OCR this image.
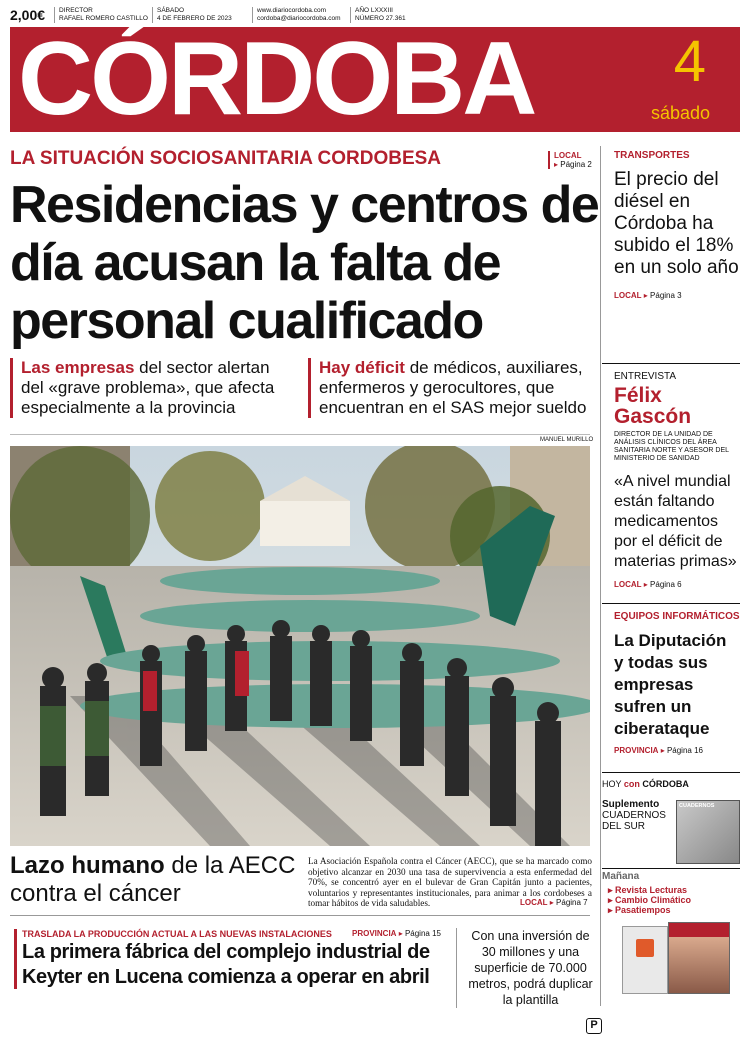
2,00€ DIRECTOR
RAFAEL ROMERO CASTILLO
SÁBADO
4 DE FEBRERO DE 2023
www.diariocordoba.com
cordoba@diariocordoba.com
AÑO LXXXIII
NÚMERO 27.361
CÓRDOBA 4
sábado
LA SITUACIÓN SOCIOSANITARIA CORDOBESA	LOCAL
▸ Página 2
Residencias y centros de día acusan la falta de personal cualificado
Las empresas del sector alertan del «grave problema», que afecta especialmente a la provincia
Hay déficit de médicos, auxiliares, enfermeros y gerocultores, que encuentran en el SAS mejor sueldo
MANUEL MURILLO
Lazo humano de la AECC contra el cáncer
La Asociación Española contra el Cáncer (AECC), que se ha marcado como objetivo alcanzar en 2030 una tasa de supervivencia a esta enfermedad del 70%, se concentró ayer en el bulevar de Gran Capitán junto a pacientes, voluntarios y representantes institucionales, para animar a los cordobeses a tomar hábitos de vida saludables.	LOCAL ▸ Página 7
TRASLADA LA PRODUCCIÓN ACTUAL A LAS NUEVAS INSTALACIONES	PROVINCIA ▸ Página 15
La primera fábrica del complejo industrial de Keyter en Lucena comienza a operar en abril
Con una inversión de 30 millones y una superficie de 70.000 metros, podrá duplicar la plantilla
P
TRANSPORTES
El precio del diésel en Córdoba ha subido el 18% en un solo año
LOCAL ▸ Página 3
ENTREVISTA
Félix Gascón
DIRECTOR DE LA UNIDAD DE ANÁLISIS CLÍNICOS DEL ÁREA SANITARIA NORTE Y ASESOR DEL MINISTERIO DE SANIDAD
«A nivel mundial están faltando medicamentos por el déficit de materias primas»
LOCAL ▸ Página 6
EQUIPOS INFORMÁTICOS
La Diputación y todas sus empresas sufren un ciberataque
PROVINCIA ▸ Página 16
HOY con CÓRDOBA
Suplemento
CUADERNOS DEL SUR
CUADERNOS
Mañana
▸ Revista Lecturas
▸ Cambio Climático
▸ Pasatiempos
